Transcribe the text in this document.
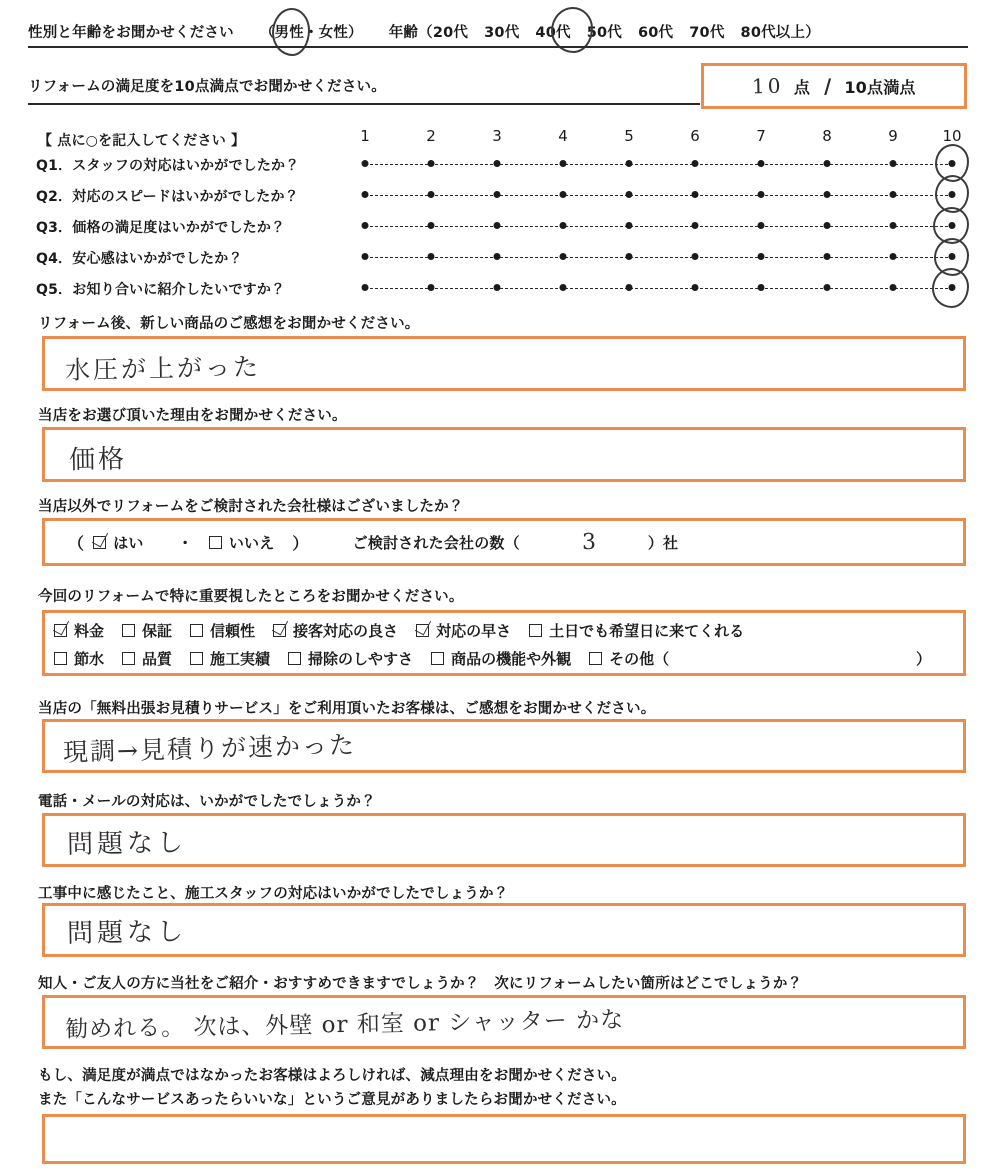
性別と年齢をお聞かせください （ 男性 ・ 女性 ） 年齢（ 20代 30代 40代 50代 60代 70代 80代以上 ）
リフォームの満足度を10点満点でお聞かせください。	10 点 / 10点満点
【 点に○を記入してください 】	1	2	3	4	5	6	7	8	9	10
Q1．スタッフの対応はいかがでしたか？
Q2．対応のスピードはいかがでしたか？
Q3．価格の満足度はいかがでしたか？
Q4．安心感はいかがでしたか？
Q5．お知り合いに紹介したいですか？
リフォーム後、新しい商品のご感想をお聞かせください。
水圧が上がった
当店をお選び頂いた理由をお聞かせください。
価格
当店以外でリフォームをご検討された会社様はございましたか？
（ はい ・ いいえ ）	ご検討された会社の数（	3	）社
今回のリフォームで特に重要視したところをお聞かせください。
料金	保証	信頼性	接客対応の良さ	対応の早さ	土日でも希望日に来てくれる
節水	品質	施工実績	掃除のしやすさ	商品の機能や外観	その他（	）
当店の「無料出張お見積りサービス」をご利用頂いたお客様は、ご感想をお聞かせください。
現調→見積りが速かった
電話・メールの対応は、いかがでしたでしょうか？
問題なし
工事中に感じたこと、施工スタッフの対応はいかがでしたでしょうか？
問題なし
知人・ご友人の方に当社をご紹介・おすすめできますでしょうか？　次にリフォームしたい箇所はどこでしょうか？
勧めれる。 次は、外壁 or 和室 or シャッター かな
もし、満足度が満点ではなかったお客様はよろしければ、減点理由をお聞かせください。
また「こんなサービスあったらいいな」というご意見がありましたらお聞かせください。
